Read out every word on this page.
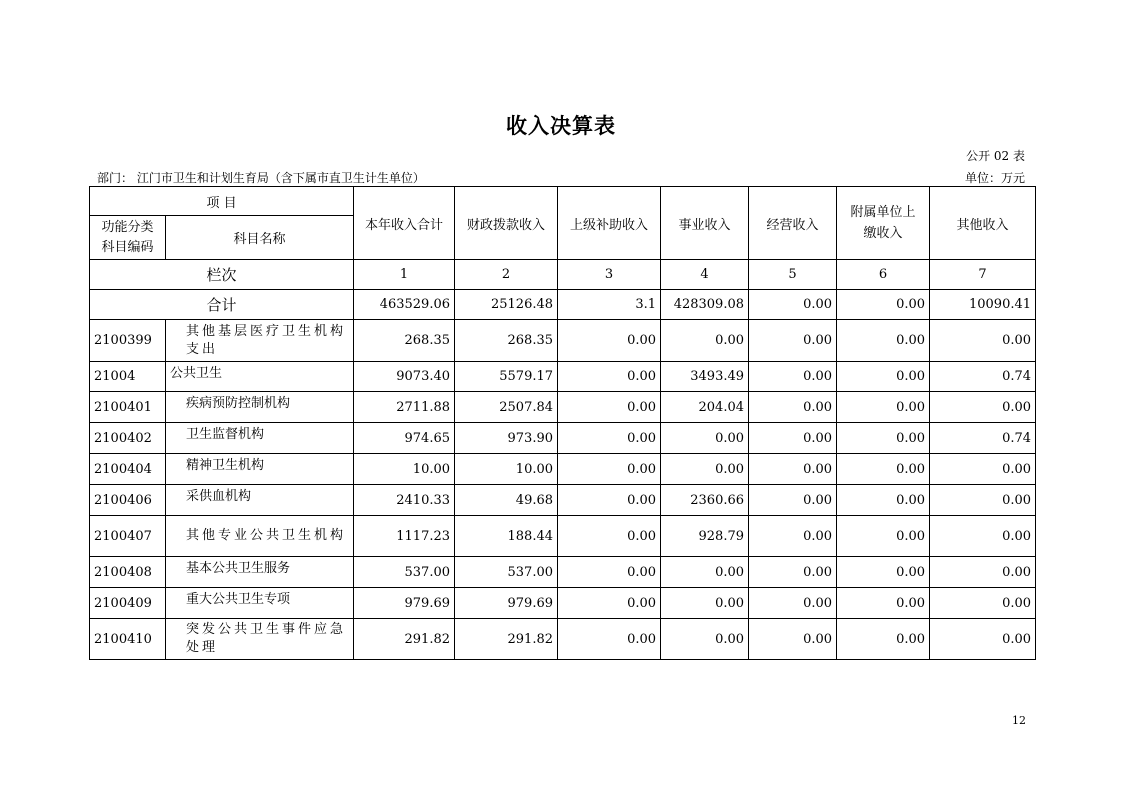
收入决算表
公开 02 表
部门： 江门市卫生和计划生育局（含下属市直卫生计生单位）	单位：万元
项 目		本年收入合计	财政拨款收入	上级补助收入	事业收入	经营收入	附属单位上缴收入	其他收入
功能分类科目编码	科目名称							
栏次		1	2	3	4	5	6	7
合计		463529.06	25126.48	3.1	428309.08	0.00	0.00	10090.41
2100399	其他基层医疗卫生机构支出	268.35	268.35	0.00	0.00	0.00	0.00	0.00
21004	公共卫生	9073.40	5579.17	0.00	3493.49	0.00	0.00	0.74
2100401	疾病预防控制机构	2711.88	2507.84	0.00	204.04	0.00	0.00	0.00
2100402	卫生监督机构	974.65	973.90	0.00	0.00	0.00	0.00	0.74
2100404	精神卫生机构	10.00	10.00	0.00	0.00	0.00	0.00	0.00
2100406	采供血机构	2410.33	49.68	0.00	2360.66	0.00	0.00	0.00
2100407	其他专业公共卫生机构	1117.23	188.44	0.00	928.79	0.00	0.00	0.00
2100408	基本公共卫生服务	537.00	537.00	0.00	0.00	0.00	0.00	0.00
2100409	重大公共卫生专项	979.69	979.69	0.00	0.00	0.00	0.00	0.00
2100410	突发公共卫生事件应急处理	291.82	291.82	0.00	0.00	0.00	0.00	0.00
12
